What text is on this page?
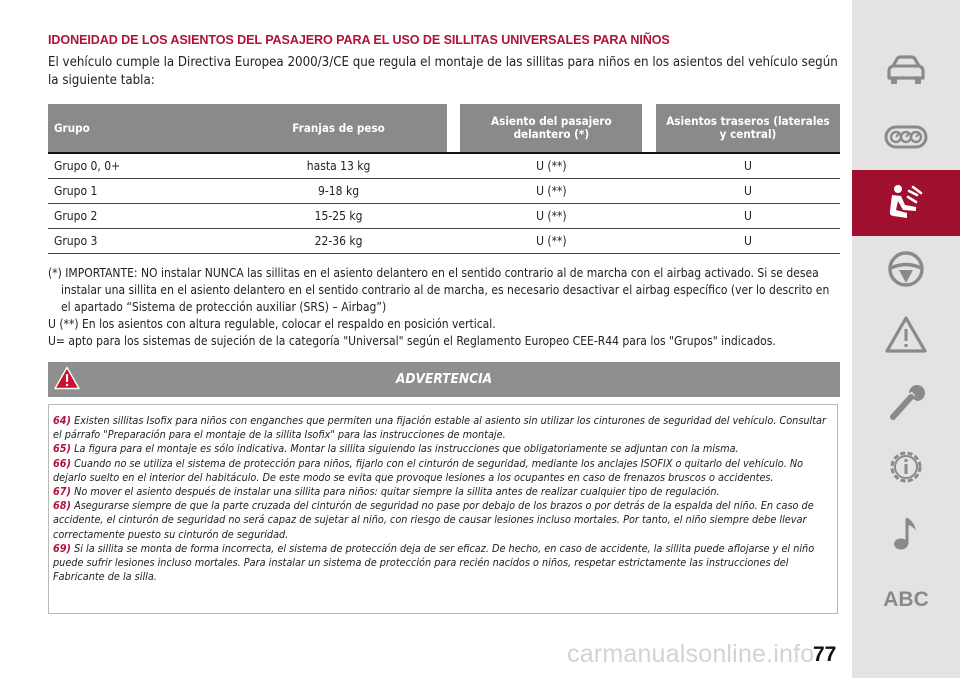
IDONEIDAD DE LOS ASIENTOS DEL PASAJERO PARA EL USO DE SILLITAS UNIVERSALES PARA NIÑOS
El vehículo cumple la Directiva Europea 2000/3/CE que regula el montaje de las sillitas para niños en los asientos del vehículo según la siguiente tabla:
Grupo	Franjas de peso		Asiento del pasajero delantero (*)		Asientos traseros (laterales y central)
Grupo 0, 0+	hasta 13 kg		U (**)		U
Grupo 1	9-18 kg		U (**)		U
Grupo 2	15-25 kg		U (**)		U
Grupo 3	22-36 kg		U (**)		U

(*) IMPORTANTE: NO instalar NUNCA las sillitas en el asiento delantero en el sentido contrario al de marcha con el airbag activado. Si se desea instalar una sillita en el asiento delantero en el sentido contrario al de marcha, es necesario desactivar el airbag específico (ver lo descrito en el apartado “Sistema de protección auxiliar (SRS) – Airbag”)

U (**) En los asientos con altura regulable, colocar el respaldo en posición vertical.

U= apto para los sistemas de sujeción de la categoría "Universal" según el Reglamento Europeo CEE-R44 para los "Grupos" indicados.

ADVERTENCIA

64) Existen sillitas Isofix para niños con enganches que permiten una fijación estable al asiento sin utilizar los cinturones de seguridad del vehículo. Consultar el párrafo "Preparación para el montaje de la sillita Isofix" para las instrucciones de montaje.

65) La figura para el montaje es sólo indicativa. Montar la sillita siguiendo las instrucciones que obligatoriamente se adjuntan con la misma.

66) Cuando no se utiliza el sistema de protección para niños, fijarlo con el cinturón de seguridad, mediante los anclajes ISOFIX o quitarlo del vehículo. No dejarlo suelto en el interior del habitáculo. De este modo se evita que provoque lesiones a los ocupantes en caso de frenazos bruscos o accidentes.

67) No mover el asiento después de instalar una sillita para niños: quitar siempre la sillita antes de realizar cualquier tipo de regulación.

68) Asegurarse siempre de que la parte cruzada del cinturón de seguridad no pase por debajo de los brazos o por detrás de la espalda del niño. En caso de accidente, el cinturón de seguridad no será capaz de sujetar al niño, con riesgo de causar lesiones incluso mortales. Por tanto, el niño siempre debe llevar correctamente puesto su cinturón de seguridad.

69) Si la sillita se monta de forma incorrecta, el sistema de protección deja de ser eficaz. De hecho, en caso de accidente, la sillita puede aflojarse y el niño puede sufrir lesiones incluso mortales. Para instalar un sistema de protección para recién nacidos o niños, respetar estrictamente las instrucciones del Fabricante de la silla.

carmanualsonline.info
77
ABC
